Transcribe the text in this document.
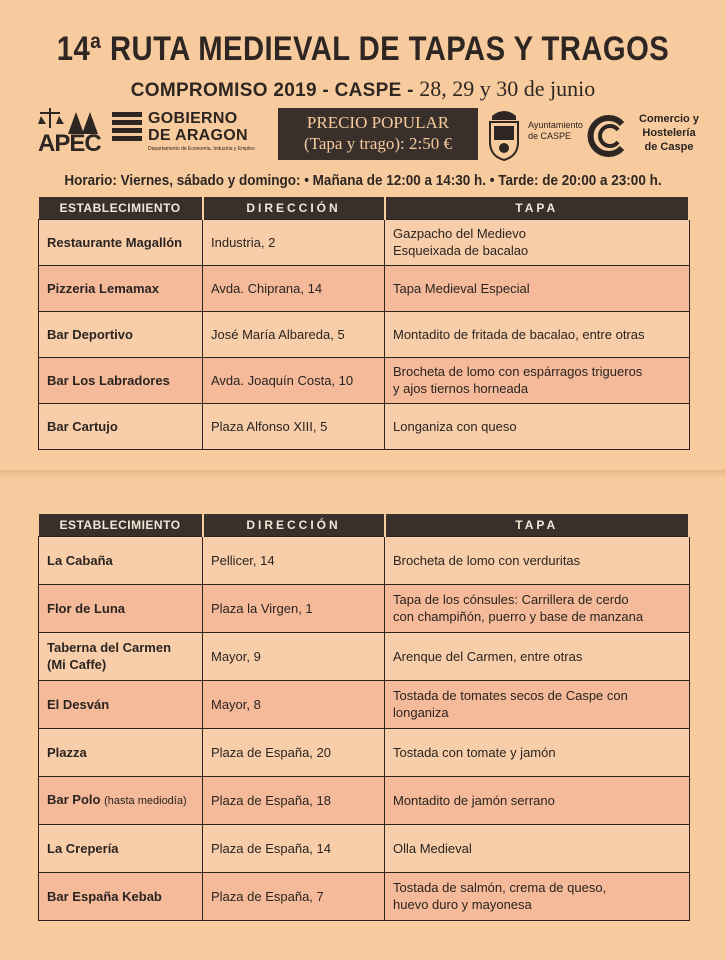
14ª RUTA MEDIEVAL DE TAPAS Y TRAGOS
COMPROMISO 2019 - CASPE - 28, 29 y 30 de junio
APEC
GOBIERNO
DE ARAGON
Departamento de Economía, Industria y Empleo
PRECIO POPULAR
(Tapa y trago): 2:50 €
Ayuntamiento de CASPE
Comercio y
Hostelería
de Caspe
Horario: Viernes, sábado y domingo: • Mañana de 12:00 a 14:30 h. • Tarde: de 20:00 a 23:00 h.
ESTABLECIMIENTO	DIRECCIÓN	TAPA
Restaurante Magallón	Industria, 2	Gazpacho del Medievo
Esqueixada de bacalao
Pizzeria Lemamax	Avda. Chiprana, 14	Tapa Medieval Especial
Bar Deportivo	José María Albareda, 5	Montadito de fritada de bacalao, entre otras
Bar Los Labradores	Avda. Joaquín Costa, 10	Brocheta de lomo con espárragos trigueros
y ajos tiernos horneada
Bar Cartujo	Plaza Alfonso XIII, 5	Longaniza con queso
ESTABLECIMIENTO	DIRECCIÓN	TAPA
La Cabaña	Pellicer, 14	Brocheta de lomo con verduritas
Flor de Luna	Plaza la Virgen, 1	Tapa de los cónsules: Carrillera de cerdo
con champiñón, puerro y base de manzana
Taberna del Carmen
(Mi Caffe)	Mayor, 9	Arenque del Carmen, entre otras
El Desván	Mayor, 8	Tostada de tomates secos de Caspe con longaniza
Plazza	Plaza de España, 20	Tostada con tomate y jamón
Bar Polo (hasta mediodía)	Plaza de España, 18	Montadito de jamón serrano
La Crepería	Plaza de España, 14	Olla Medieval
Bar España Kebab	Plaza de España, 7	Tostada de salmón, crema de queso,
huevo duro y mayonesa
